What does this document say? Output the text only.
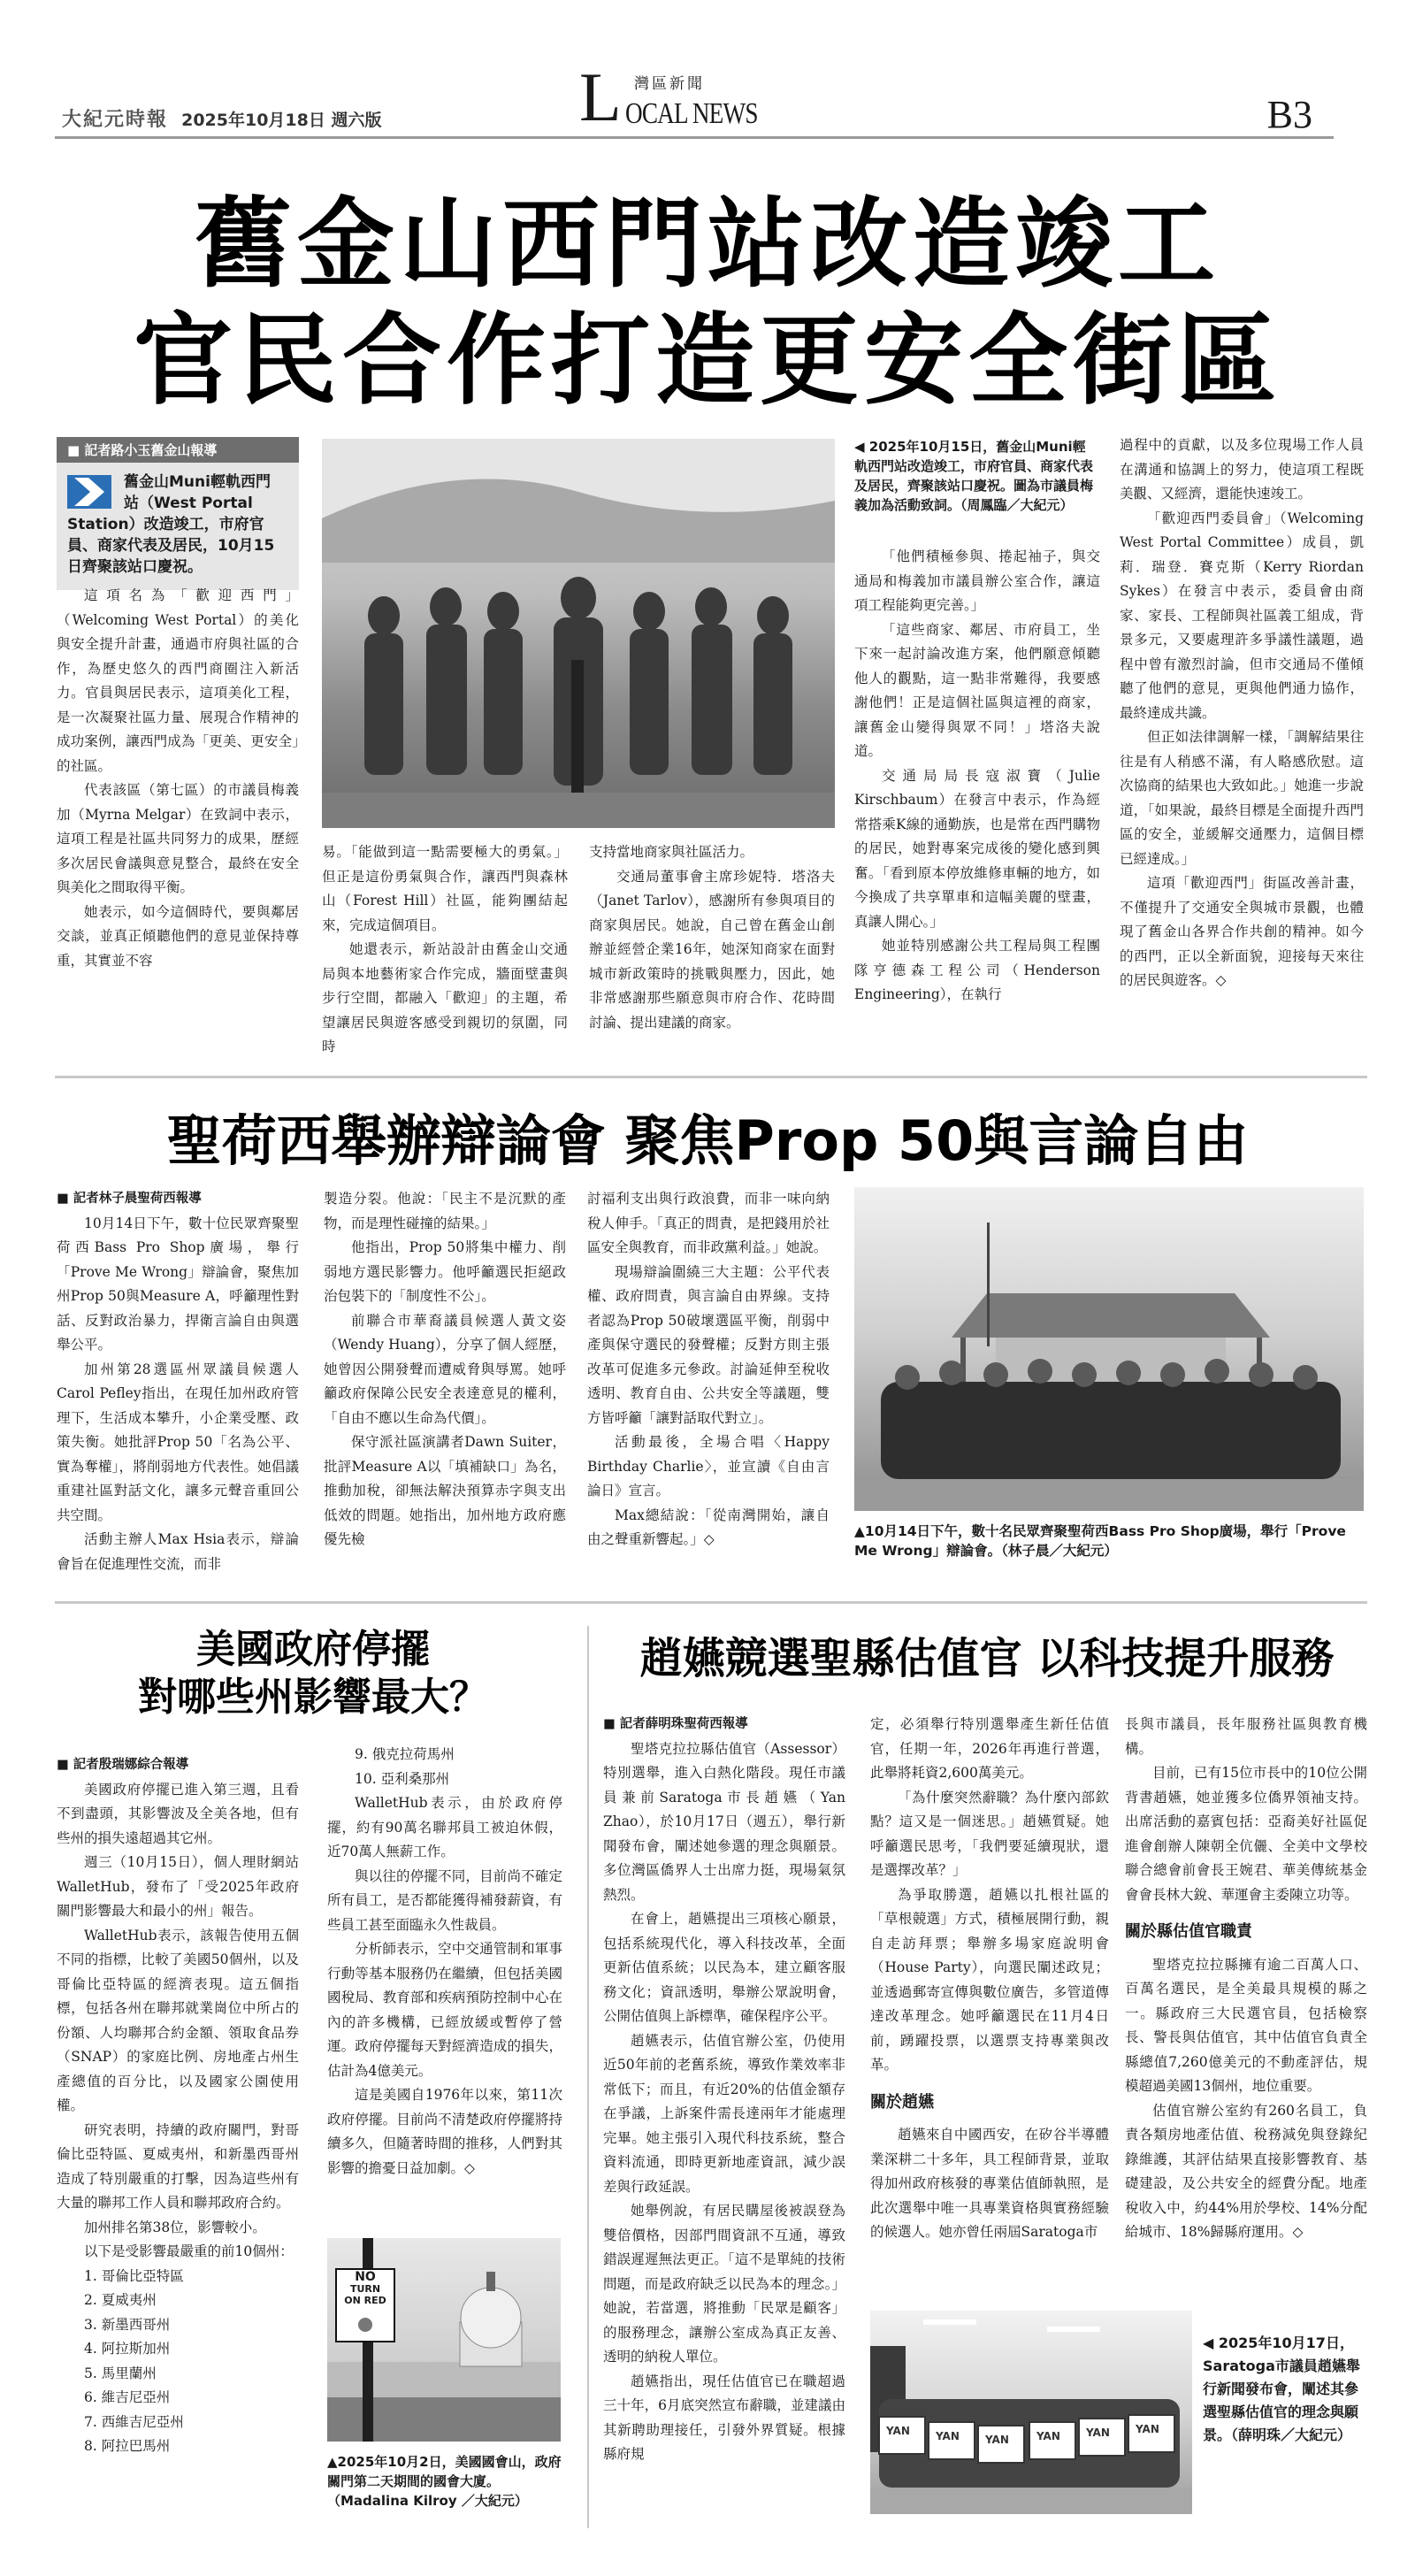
大紀元時報 2025年10月18日 週六版	L 灣區新聞
OCAL NEWS	B3
舊金山西門站改造竣工
官民合作打造更安全街區
■ 記者路小玉舊金山報導
舊金山Muni輕軌西門 站（West Portal Station）改造竣工，市府官員、商家代表及居民，10月15日齊聚該站口慶祝。

這項名為「歡迎西門」（Welcoming West Portal）的美化與安全提升計畫，通過市府與社區的合作，為歷史悠久的西門商圈注入新活力。官員與居民表示，這項美化工程，是一次凝聚社區力量、展現合作精神的成功案例，讓西門成為「更美、更安全」的社區。

代表該區（第七區）的市議員梅義加（Myrna Melgar）在致詞中表示，這項工程是社區共同努力的成果，歷經多次居民會議與意見整合，最終在安全與美化之間取得平衡。

她表示，如今這個時代，要與鄰居交談，並真正傾聽他們的意見並保持尊重，其實並不容

易。「能做到這一點需要極大的勇氣。」但正是這份勇氣與合作，讓西門與森林山（Forest Hill）社區，能夠團結起來，完成這個項目。

她還表示，新站設計由舊金山交通局與本地藝術家合作完成，牆面壁畫與步行空間，都融入「歡迎」的主題，希望讓居民與遊客感受到親切的氛圍，同時

支持當地商家與社區活力。

交通局董事會主席珍妮特．塔洛夫（Janet Tarlov），感謝所有參與項目的商家與居民。她說，自己曾在舊金山創辦並經營企業16年，她深知商家在面對城市新政策時的挑戰與壓力，因此，她非常感謝那些願意與市府合作、花時間討論、提出建議的商家。

◀ 2025年10月15日，舊金山Muni輕軌西門站改造竣工，市府官員、商家代表及居民，齊聚該站口慶祝。圖為市議員梅義加為活動致詞。（周鳳臨／大紀元）

「他們積極參與、捲起袖子，與交通局和梅義加市議員辦公室合作，讓這項工程能夠更完善。」

「這些商家、鄰居、市府員工，坐下來一起討論改進方案，他們願意傾聽他人的觀點，這一點非常難得，我要感謝他們！正是這個社區與這裡的商家，讓舊金山變得與眾不同！」塔洛夫說道。

交通局局長寇淑寶（Julie Kirschbaum）在發言中表示，作為經常搭乘K線的通勤族，也是常在西門購物的居民，她對專案完成後的變化感到興奮。「看到原本停放維修車輛的地方，如今換成了共享單車和這幅美麗的壁畫，真讓人開心。」

她並特別感謝公共工程局與工程團隊亨德森工程公司（Henderson Engineering），在執行

過程中的貢獻，以及多位現場工作人員在溝通和協調上的努力，使這項工程既美觀、又經濟，還能快速竣工。

「歡迎西門委員會」（Welcoming West Portal Committee）成員，凱莉．瑞登．賽克斯（Kerry Riordan Sykes）在發言中表示，委員會由商家、家長、工程師與社區義工組成，背景多元，又要處理許多爭議性議題，過程中曾有激烈討論，但市交通局不僅傾聽了他們的意見，更與他們通力協作，最終達成共識。

但正如法律調解一樣，「調解結果往往是有人稍感不滿，有人略感欣慰。這次協商的結果也大致如此。」她進一步說道，「如果說，最終目標是全面提升西門區的安全，並緩解交通壓力，這個目標已經達成。」

這項「歡迎西門」街區改善計畫，不僅提升了交通安全與城市景觀，也體現了舊金山各界合作共創的精神。如今的西門，正以全新面貌，迎接每天來往的居民與遊客。◇

聖荷西舉辦辯論會 聚焦Prop 50與言論自由
■ 記者林子晨聖荷西報導

10月14日下午，數十位民眾齊聚聖荷西Bass Pro Shop廣場，舉行「Prove Me Wrong」辯論會，聚焦加州Prop 50與Measure A，呼籲理性對話、反對政治暴力，捍衛言論自由與選舉公平。

加州第28選區州眾議員候選人Carol Pefley指出，在現任加州政府管理下，生活成本攀升，小企業受壓、政策失衡。她批評Prop 50「名為公平、實為奪權」，將削弱地方代表性。她倡議重建社區對話文化，讓多元聲音重回公共空間。

活動主辦人Max Hsia表示，辯論會旨在促進理性交流，而非

製造分裂。他說：「民主不是沉默的產物，而是理性碰撞的結果。」

他指出，Prop 50將集中權力、削弱地方選民影響力。他呼籲選民拒絕政治包裝下的「制度性不公」。

前聯合市華裔議員候選人黃文姿（Wendy Huang），分享了個人經歷，她曾因公開發聲而遭威脅與辱罵。她呼籲政府保障公民安全表達意見的權利，「自由不應以生命為代價」。

保守派社區演講者Dawn Suiter，批評Measure A以「填補缺口」為名，推動加稅，卻無法解決預算赤字與支出低效的問題。她指出，加州地方政府應優先檢

討福利支出與行政浪費，而非一味向納稅人伸手。「真正的問責，是把錢用於社區安全與教育，而非政黨利益。」她說。

現場辯論圍繞三大主題：公平代表權、政府問責，與言論自由界線。支持者認為Prop 50破壞選區平衡，削弱中產與保守選民的發聲權；反對方則主張改革可促進多元參政。討論延伸至稅收透明、教育自由、公共安全等議題，雙方皆呼籲「讓對話取代對立」。

活動最後，全場合唱〈Happy Birthday Charlie〉，並宣讀《自由言論日》宣言。

Max總結說：「從南灣開始，讓自由之聲重新響起。」◇	▲10月14日下午，數十名民眾齊聚聖荷西Bass Pro Shop廣場，舉行「Prove Me Wrong」辯論會。（林子晨／大紀元）
美國政府停擺
對哪些州影響最大？
■ 記者殷瑞娜綜合報導

美國政府停擺已進入第三週，且看不到盡頭，其影響波及全美各地，但有些州的損失遠超過其它州。

週三（10月15日），個人理財網站WalletHub，發布了「受2025年政府關門影響最大和最小的州」報告。

WalletHub表示，該報告使用五個不同的指標，比較了美國50個州，以及哥倫比亞特區的經濟表現。這五個指標，包括各州在聯邦就業崗位中所占的份額、人均聯邦合約金額、領取食品券（SNAP）的家庭比例、房地產占州生產總值的百分比，以及國家公園使用權。

研究表明，持續的政府關門，對哥倫比亞特區、夏威夷州，和新墨西哥州造成了特別嚴重的打擊，因為這些州有大量的聯邦工作人員和聯邦政府合約。

加州排名第38位，影響較小。

以下是受影響最嚴重的前10個州：

1. 哥倫比亞特區
2. 夏威夷州
3. 新墨西哥州
4. 阿拉斯加州
5. 馬里蘭州
6. 維吉尼亞州
7. 西維吉尼亞州
8. 阿拉巴馬州
9. 俄克拉荷馬州
10. 亞利桑那州

WalletHub表示，由於政府停擺，約有90萬名聯邦員工被迫休假，近70萬人無薪工作。

與以往的停擺不同，目前尚不確定所有員工，是否都能獲得補發薪資，有些員工甚至面臨永久性裁員。

分析師表示，空中交通管制和軍事行動等基本服務仍在繼續，但包括美國國稅局、教育部和疾病預防控制中心在內的許多機構，已經放緩或暫停了營運。政府停擺每天對經濟造成的損失，估計為4億美元。

這是美國自1976年以來，第11次政府停擺。目前尚不清楚政府停擺將持續多久，但隨著時間的推移，人們對其影響的擔憂日益加劇。◇

NO
TURN
ON RED
▲2025年10月2日，美國國會山，政府關門第二天期間的國會大廈。（Madalina Kilroy ／大紀元）
趙嬿競選聖縣估值官 以科技提升服務
■ 記者薛明珠聖荷西報導

聖塔克拉拉縣估值官（Assessor）特別選舉，進入白熱化階段。現任市議員兼前Saratoga市長趙嬿（Yan Zhao），於10月17日（週五），舉行新聞發布會，闡述她參選的理念與願景。多位灣區僑界人士出席力挺，現場氣氛熱烈。

在會上，趙嬿提出三項核心願景，包括系統現代化，導入科技改革，全面更新估值系統；以民為本，建立顧客服務文化；資訊透明，舉辦公眾說明會，公開估值與上訴標準，確保程序公平。

趙嬿表示，估值官辦公室，仍使用近50年前的老舊系統，導致作業效率非常低下；而且，有近20%的估值金額存在爭議，上訴案件需長達兩年才能處理完畢。她主張引入現代科技系統，整合資料流通，即時更新地產資訊，減少誤差與行政延誤。

她舉例說，有居民購屋後被誤登為雙倍價格，因部門間資訊不互通，導致錯誤遲遲無法更正。「這不是單純的技術問題，而是政府缺乏以民為本的理念。」她說，若當選，將推動「民眾是顧客」的服務理念，讓辦公室成為真正友善、透明的納稅人單位。

趙嬿指出，現任估值官已在職超過三十年，6月底突然宣布辭職，並建議由其新聘助理接任，引發外界質疑。根據縣府規

定，必須舉行特別選舉產生新任估值官，任期一年，2026年再進行普選，此舉將耗資2,600萬美元。

「為什麼突然辭職？為什麼內部欽點？這又是一個迷思。」趙嬿質疑。她呼籲選民思考，「我們要延續現狀，還是選擇改革？」

為爭取勝選，趙嬿以扎根社區的「草根競選」方式，積極展開行動，親自走訪拜票；舉辦多場家庭說明會（House Party），向選民闡述政見；並透過郵寄宣傳與數位廣告，多管道傳達改革理念。她呼籲選民在11月4日前，踴躍投票，以選票支持專業與改革。

關於趙嬿

趙嬿來自中國西安，在矽谷半導體業深耕二十多年，具工程師背景，並取得加州政府核發的專業估值師執照，是此次選舉中唯一具專業資格與實務經驗的候選人。她亦曾任兩屆Saratoga市

長與市議員，長年服務社區與教育機構。

目前，已有15位市長中的10位公開背書趙嬿，她並獲多位僑界領袖支持。出席活動的嘉賓包括：亞裔美好社區促進會創辦人陳朝全伉儷、全美中文學校聯合總會前會長王婉君、華美傳統基金會會長林大銳、華運會主委陳立功等。

關於縣估值官職責

聖塔克拉拉縣擁有逾二百萬人口、百萬名選民，是全美最具規模的縣之一。縣政府三大民選官員，包括檢察長、警長與估值官，其中估值官負責全縣總值7,260億美元的不動產評估，規模超過美國13個州，地位重要。

估值官辦公室約有260名員工，負責各類房地產估值、稅務減免與登錄紀錄維護，其評估結果直接影響教育、基礎建設，及公共安全的經費分配。地產稅收入中，約44%用於學校、14%分配給城市、18%歸縣府運用。◇

YAN YAN YAN	YAN YAN YAN
◀ 2025年10月17日，Saratoga市議員趙嬿舉行新聞發布會，闡述其參選聖縣估值官的理念與願景。（薛明珠／大紀元）
